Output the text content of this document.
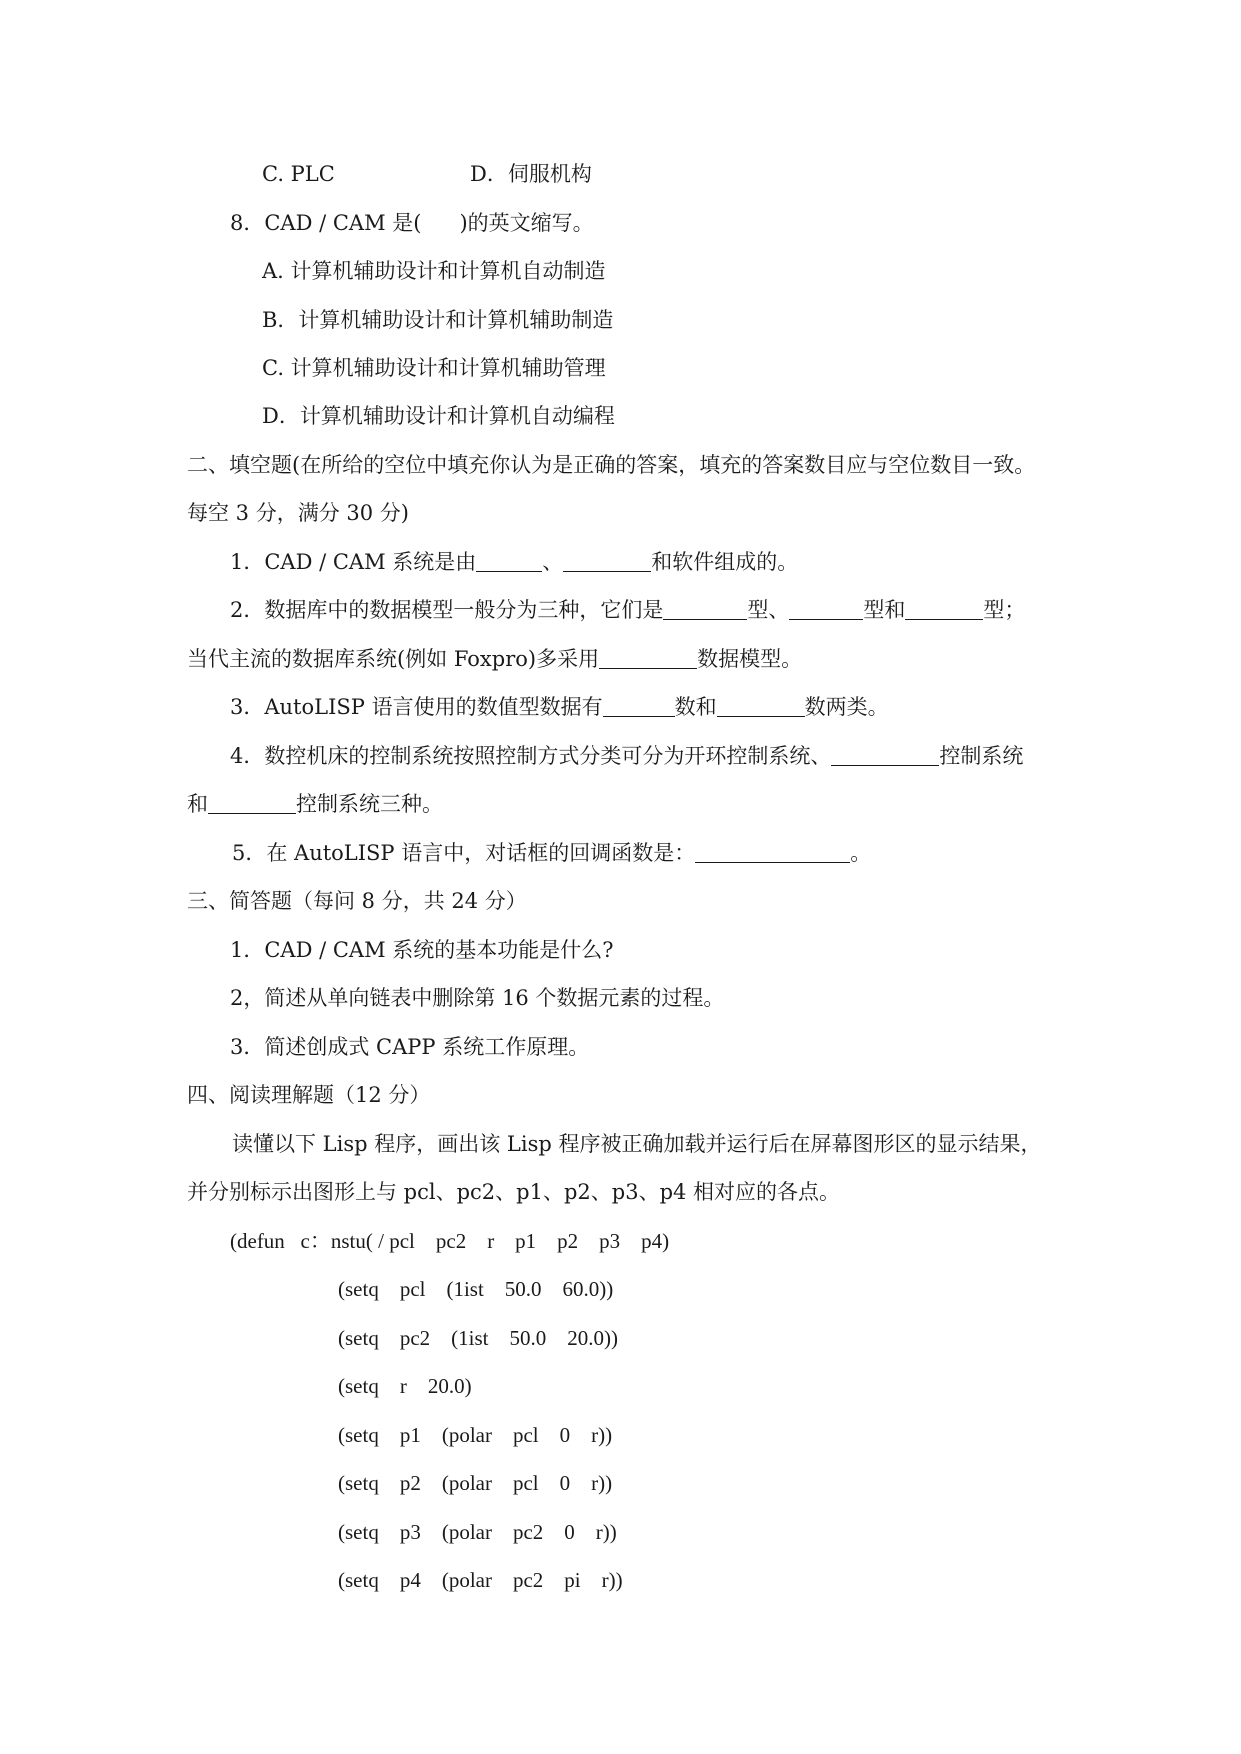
C. PLC	D．伺服机构
8．CAD / CAM 是( )的英文缩写。
A. 计算机辅助设计和计算机自动制造
B．计算机辅助设计和计算机辅助制造
C. 计算机辅助设计和计算机辅助管理
D．计算机辅助设计和计算机自动编程
二、填空题(在所给的空位中填充你认为是正确的答案，填充的答案数目应与空位数目一致。
每空 3 分，满分 30 分)
1．CAD / CAM 系统是由	、	和软件组成的。
2．数据库中的数据模型一般分为三种，它们是	型、	型和	型；
当代主流的数据库系统(例如 Foxpro)多采用	数据模型。
3．AutoLISP 语言使用的数值型数据有	数和	数两类。
4．数控机床的控制系统按照控制方式分类可分为开环控制系统、	控制系统
和	控制系统三种。
5．在 AutoLISP 语言中，对话框的回调函数是：	。
三、简答题（每问 8 分，共 24 分）
1．CAD / CAM 系统的基本功能是什么?
2，简述从单向链表中删除第 16 个数据元素的过程。
3．简述创成式 CAPP 系统工作原理。
四、阅读理解题（12 分）
读懂以下 Lisp 程序，画出该 Lisp 程序被正确加载并运行后在屏幕图形区的显示结果，
并分别标示出图形上与 pcl、pc2、p1、p2、p3、p4 相对应的各点。
(defun   c：nstu( / pcl    pc2    r    p1    p2    p3    p4)
(setq    pcl    (1ist    50.0    60.0))
(setq    pc2    (1ist    50.0    20.0))
(setq    r    20.0)
(setq    p1    (polar    pcl    0    r))
(setq    p2    (polar    pcl    0    r))
(setq    p3    (polar    pc2    0    r))
(setq    p4    (polar    pc2    pi    r))
